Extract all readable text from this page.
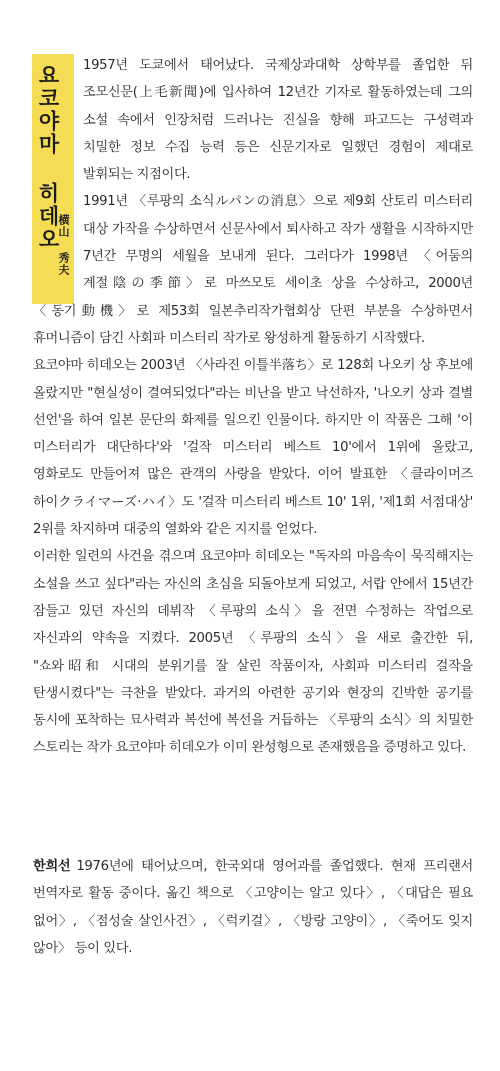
요코야마 히데오
横山 秀夫

1957년 도쿄에서 태어났다. 국제상과대학 상학부를 졸업한 뒤 조모신문(上毛新聞)에 입사하여 12년간 기자로 활동하였는데 그의 소설 속에서 인장처럼 드러나는 진실을 향해 파고드는 구성력과 치밀한 정보 수집 능력 등은 신문기자로 일했던 경험이 제대로 발휘되는 지점이다.

1991년 〈루팡의 소식ルパンの消息〉으로 제9회 산토리 미스터리 대상 가작을 수상하면서 신문사에서 퇴사하고 작가 생활을 시작하지만 7년간 무명의 세월을 보내게 된다. 그러다가 1998년 〈어둠의 계절陰の季節〉로 마쓰모토 세이초 상을 수상하고, 2000년 〈동기動機〉로 제53회 일본추리작가협회상 단편 부분을 수상하면서 휴머니즘이 담긴 사회파 미스터리 작가로 왕성하게 활동하기 시작했다.

요코야마 히데오는 2003년 〈사라진 이틀半落ち〉로 128회 나오키 상 후보에 올랐지만 "현실성이 결여되었다"라는 비난을 받고 낙선하자, '나오키 상과 결별 선언'을 하여 일본 문단의 화제를 일으킨 인물이다. 하지만 이 작품은 그해 '이 미스터리가 대단하다'와 '걸작 미스터리 베스트 10'에서 1위에 올랐고, 영화로도 만들어져 많은 관객의 사랑을 받았다. 이어 발표한 〈클라이머즈 하이クライマーズ·ハイ〉도 '걸작 미스터리 베스트 10' 1위, '제1회 서점대상' 2위를 차지하며 대중의 열화와 같은 지지를 얻었다.

이러한 일련의 사건을 겪으며 요코야마 히데오는 "독자의 마음속이 묵직해지는 소설을 쓰고 싶다"라는 자신의 초심을 되돌아보게 되었고, 서랍 안에서 15년간 잠들고 있던 자신의 데뷔작 〈루팡의 소식〉을 전면 수정하는 작업으로 자신과의 약속을 지켰다. 2005년 〈루팡의 소식〉을 새로 출간한 뒤, "쇼와昭和 시대의 분위기를 잘 살린 작품이자, 사회파 미스터리 걸작을 탄생시켰다"는 극찬을 받았다. 과거의 아련한 공기와 현장의 긴박한 공기를 동시에 포착하는 묘사력과 복선에 복선을 거듭하는 〈루팡의 소식〉의 치밀한 스토리는 작가 요코야마 히데오가 이미 완성형으로 존재했음을 증명하고 있다.

한희선 1976년에 태어났으며, 한국외대 영어과를 졸업했다. 현재 프리랜서 번역자로 활동 중이다. 옮긴 책으로 〈고양이는 알고 있다〉, 〈대답은 필요 없어〉, 〈점성술 살인사건〉, 〈럭키걸〉, 〈방랑 고양이〉, 〈죽어도 잊지 않아〉 등이 있다.
